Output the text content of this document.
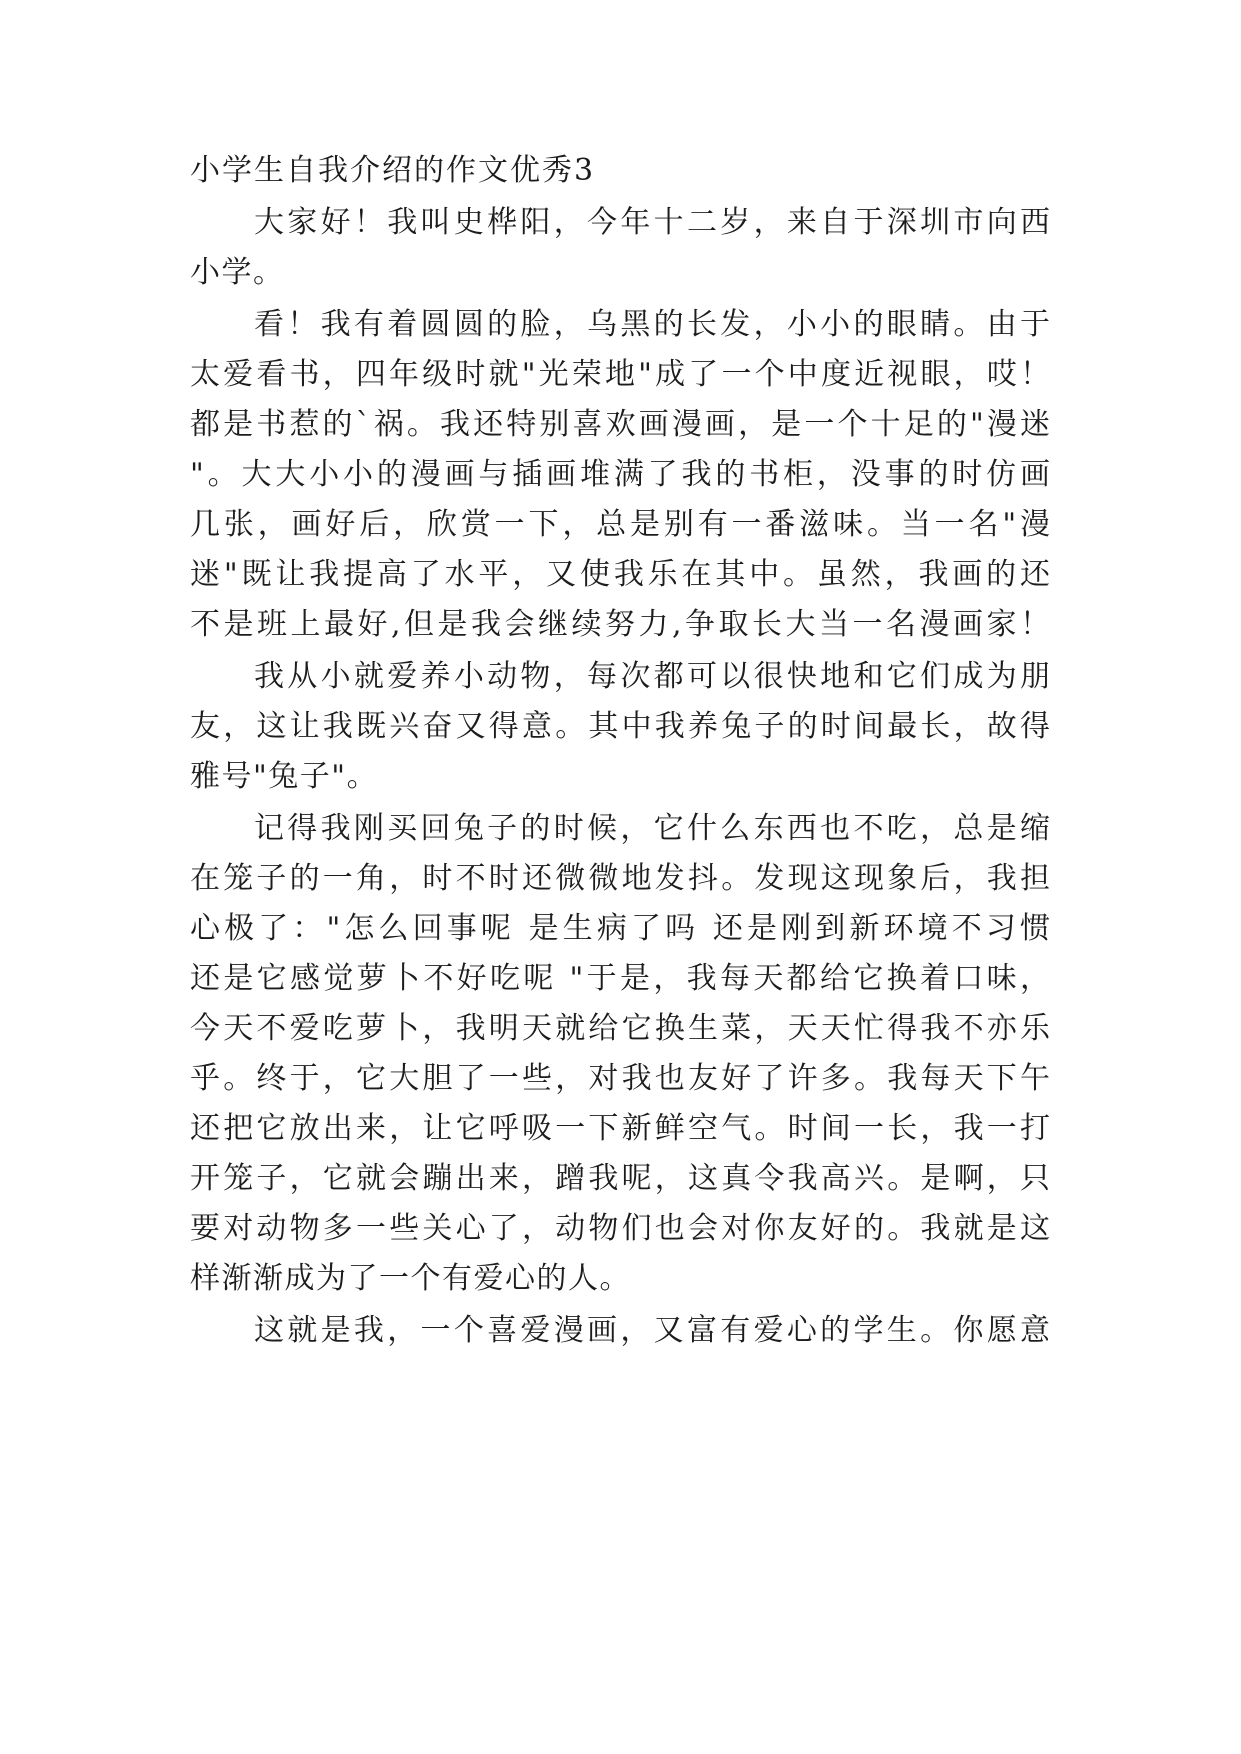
小学生自我介绍的作文优秀3
大家好！我叫史桦阳，今年十二岁，来自于深圳市向西
小学。
看！我有着圆圆的脸，乌黑的长发，小小的眼睛。由于
太爱看书，四年级时就"光荣地"成了一个中度近视眼，哎！
都是书惹的`祸。我还特别喜欢画漫画，是一个十足的"漫迷
"。大大小小的漫画与插画堆满了我的书柜，没事的时仿画
几张，画好后，欣赏一下，总是别有一番滋味。当一名"漫
迷"既让我提高了水平，又使我乐在其中。虽然，我画的还
不是班上最好,但是我会继续努力,争取长大当一名漫画家！
我从小就爱养小动物，每次都可以很快地和它们成为朋
友，这让我既兴奋又得意。其中我养兔子的时间最长，故得
雅号"兔子"。
记得我刚买回兔子的时候，它什么东西也不吃，总是缩
在笼子的一角，时不时还微微地发抖。发现这现象后，我担
心极了："怎么回事呢 是生病了吗 还是刚到新环境不习惯
还是它感觉萝卜不好吃呢 "于是，我每天都给它换着口味，
今天不爱吃萝卜，我明天就给它换生菜，天天忙得我不亦乐
乎。终于，它大胆了一些，对我也友好了许多。我每天下午
还把它放出来，让它呼吸一下新鲜空气。时间一长，我一打
开笼子，它就会蹦出来，蹭我呢，这真令我高兴。是啊，只
要对动物多一些关心了，动物们也会对你友好的。我就是这
样渐渐成为了一个有爱心的人。
这就是我，一个喜爱漫画，又富有爱心的学生。你愿意
